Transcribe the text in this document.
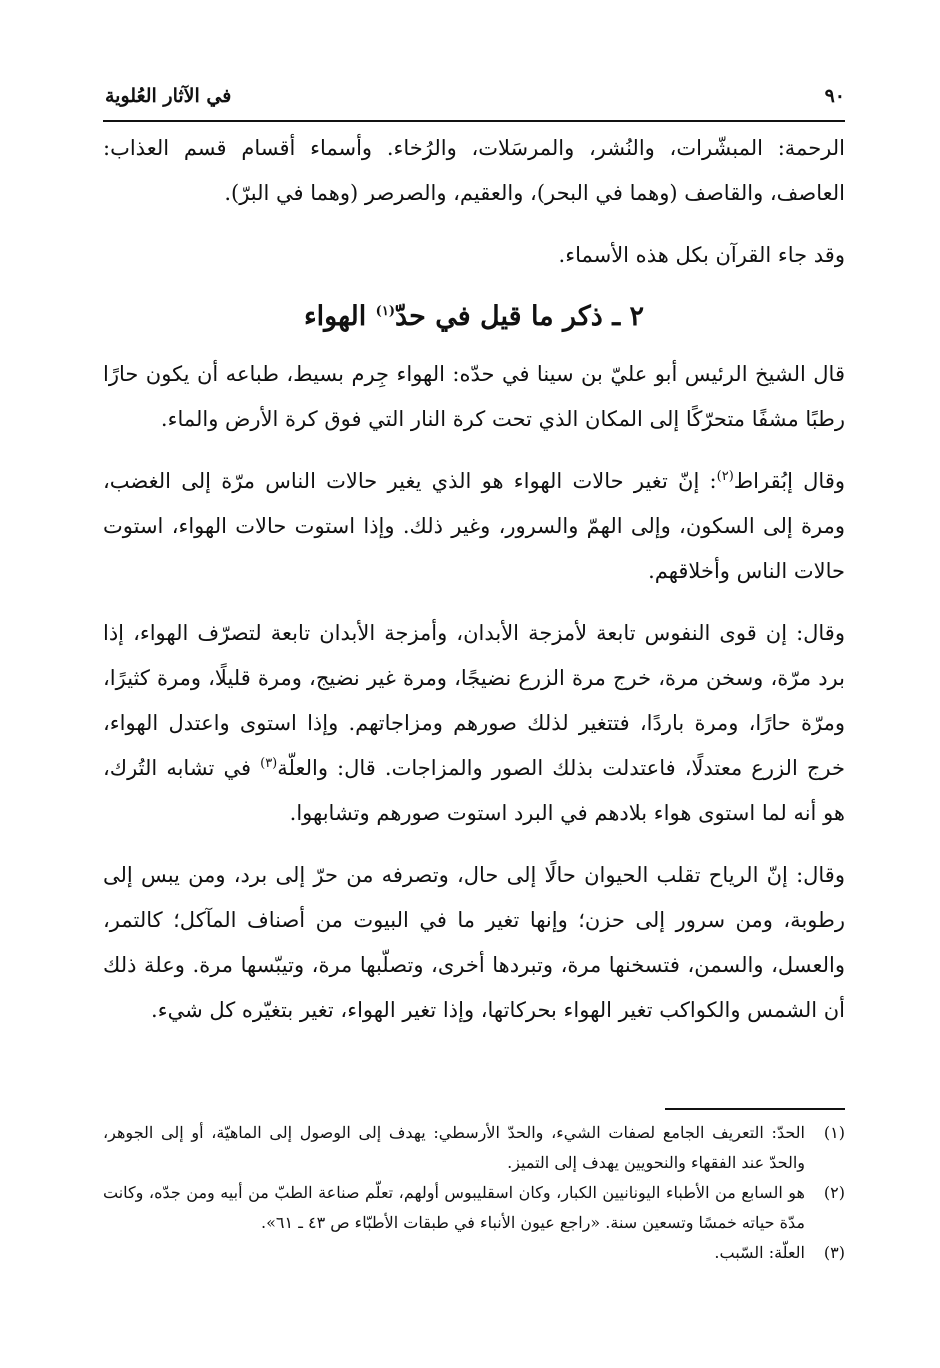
٩٠
في الآثار العُلوية

الرحمة: المبشّرات، والنُشر، والمرسَلات، والرُخاء. وأسماء أقسام قسم العذاب: العاصف، والقاصف (وهما في البحر)، والعقيم، والصرصر (وهما في البرّ).

وقد جاء القرآن بكل هذه الأسماء.

٢ ـ ذكر ما قيل في حدّ$^{(١)}$ الهواء

قال الشيخ الرئيس أبو عليّ بن سينا في حدّه: الهواء جِرم بسيط، طباعه أن يكون حارًا رطبًا مشفًا متحرّكًا إلى المكان الذي تحت كرة النار التي فوق كرة الأرض والماء.

وقال إبُقراط$^{(٢)}$: إنّ تغير حالات الهواء هو الذي يغير حالات الناس مرّة إلى الغضب، ومرة إلى السكون، وإلى الهمّ والسرور، وغير ذلك. وإذا استوت حالات الهواء، استوت حالات الناس وأخلاقهم.

وقال: إن قوى النفوس تابعة لأمزجة الأبدان، وأمزجة الأبدان تابعة لتصرّف الهواء، إذا برد مرّة، وسخن مرة، خرج مرة الزرع نضيجًا، ومرة غير نضيج، ومرة قليلًا، ومرة كثيرًا، ومرّة حارًا، ومرة باردًا، فتتغير لذلك صورهم ومزاجاتهم. وإذا استوى واعتدل الهواء، خرج الزرع معتدلًا، فاعتدلت بذلك الصور والمزاجات. قال: والعلّة$^{(٣)}$ في تشابه التُرك، هو أنه لما استوى هواء بلادهم في البرد استوت صورهم وتشابهوا.

وقال: إنّ الرياح تقلب الحيوان حالًا إلى حال، وتصرفه من حرّ إلى برد، ومن يبس إلى رطوبة، ومن سرور إلى حزن؛ وإنها تغير ما في البيوت من أصناف المآكل؛ كالتمر، والعسل، والسمن، فتسخنها مرة، وتبردها أخرى، وتصلّبها مرة، وتيبّسها مرة. وعلة ذلك أن الشمس والكواكب تغير الهواء بحركاتها، وإذا تغير الهواء، تغير بتغيّره كل شيء.

(١)
الحدّ: التعريف الجامع لصفات الشيء، والحدّ الأرسطي: يهدف إلى الوصول إلى الماهيّة، أو إلى الجوهر، والحدّ عند الفقهاء والنحويين يهدف إلى التميز.
(٢)
هو السابع من الأطباء اليونانيين الكبار، وكان اسقليبوس أولهم، تعلّم صناعة الطبّ من أبيه ومن جدّه، وكانت مدّة حياته خمسًا وتسعين سنة. «راجع عيون الأنباء في طبقات الأطبّاء ص ٤٣ ـ ٦١».
(٣)
العلّة: السّبب.
